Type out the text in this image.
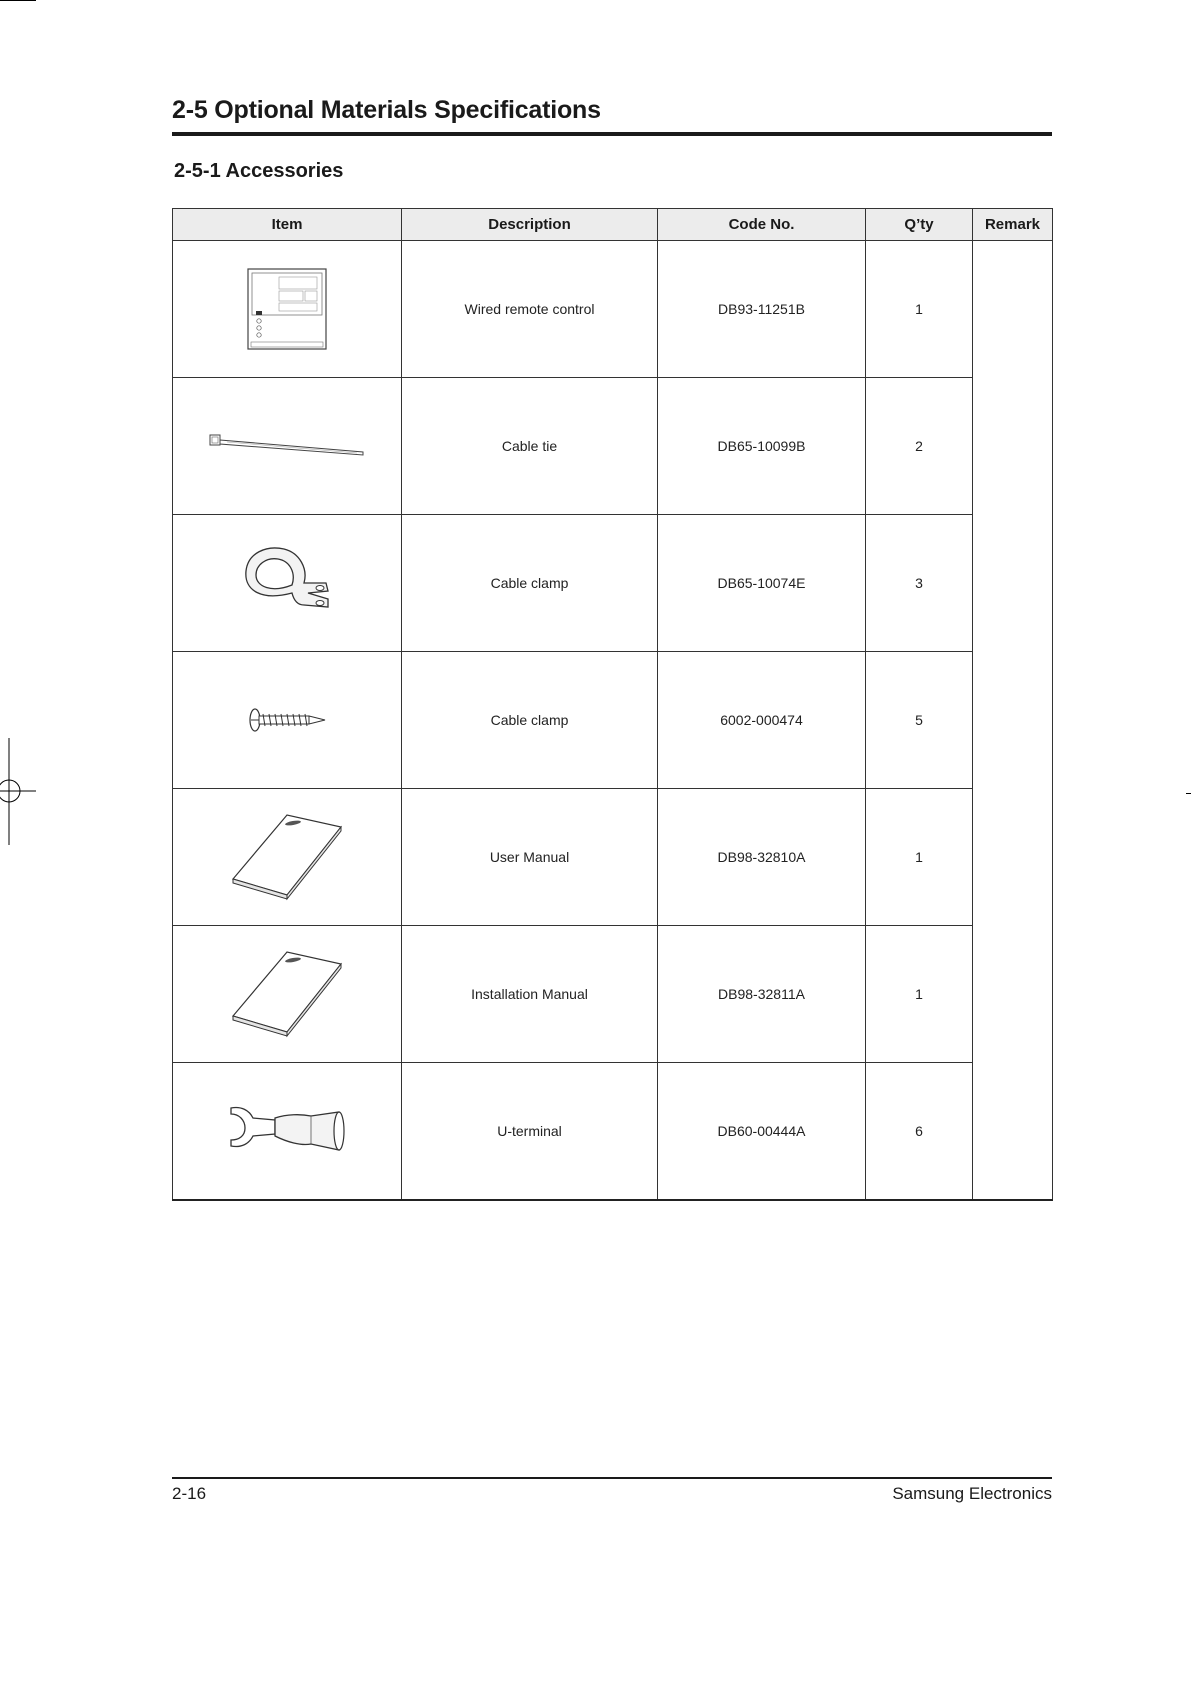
2-5 Optional Materials Specifications
2-5-1 Accessories
Item	Description	Code No.	Q’ty	Remark

	Wired remote control	DB93-11251B	1	

	Cable tie	DB65-10099B	2	

	Cable clamp	DB65-10074E	3	

	Cable clamp	6002-000474	5	

	User Manual	DB98-32810A	1	

	Installation Manual	DB98-32811A	1	

	U-terminal	DB60-00444A	6	
2-16	Samsung Electronics
